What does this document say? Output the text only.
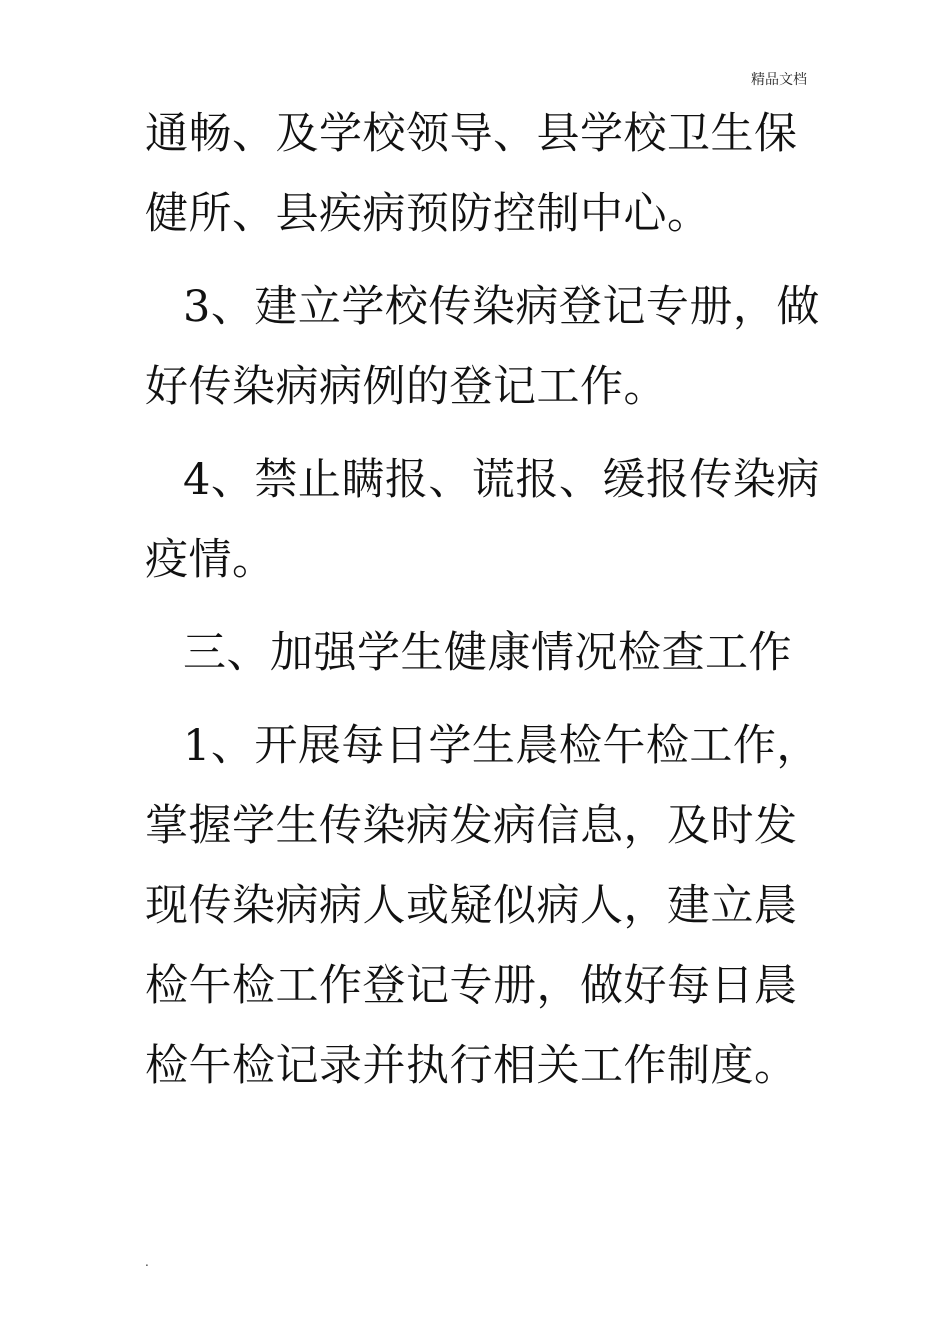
精品文档
通畅、及学校领导、县学校卫生保
健所、县疾病预防控制中心。
3、建立学校传染病登记专册，做
好传染病病例的登记工作。
4、禁止瞒报、谎报、缓报传染病
疫情。
三、加强学生健康情况检查工作
1、开展每日学生晨检午检工作，
掌握学生传染病发病信息，及时发
现传染病病人或疑似病人，建立晨
检午检工作登记专册，做好每日晨
检午检记录并执行相关工作制度。
.
